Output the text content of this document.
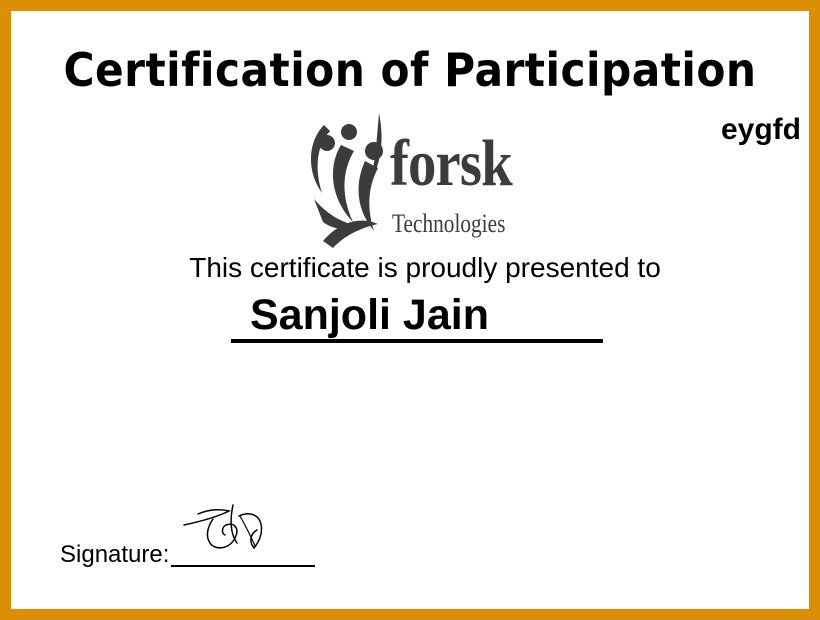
Certification of Participation
eygfd
forsk
Technologies
This certificate is proudly presented to
Sanjoli Jain
Signature:
